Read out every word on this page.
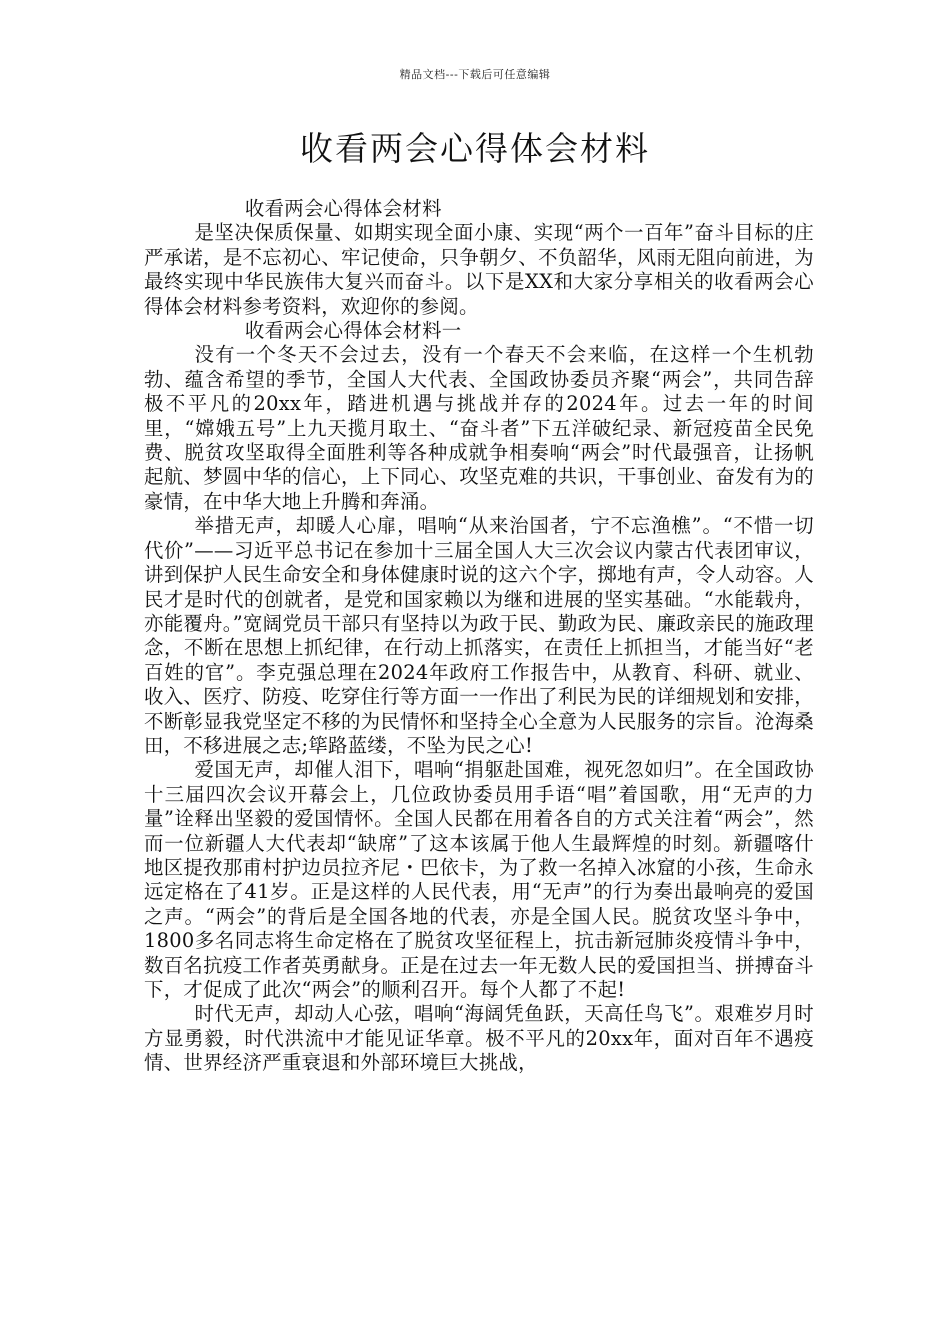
精品文档---下载后可任意编辑
收看两会心得体会材料

收看两会心得体会材料

是坚决保质保量、如期实现全面小康、实现“两个一百年”奋斗目标的庄严承诺，是不忘初心、牢记使命，只争朝夕、不负韶华，风雨无阻向前进，为最终实现中华民族伟大复兴而奋斗。以下是XX和大家分享相关的收看两会心得体会材料参考资料，欢迎你的参阅。

收看两会心得体会材料一

没有一个冬天不会过去，没有一个春天不会来临，在这样一个生机勃勃、蕴含希望的季节，全国人大代表、全国政协委员齐聚“两会”，共同告辞极不平凡的20xx年，踏进机遇与挑战并存的2024年。过去一年的时间里，“嫦娥五号”上九天揽月取土、“奋斗者”下五洋破纪录、新冠疫苗全民免费、脱贫攻坚取得全面胜利等各种成就争相奏响“两会”时代最强音，让扬帆起航、梦圆中华的信心，上下同心、攻坚克难的共识，干事创业、奋发有为的豪情，在中华大地上升腾和奔涌。

举措无声，却暖人心扉，唱响“从来治国者，宁不忘渔樵”。“不惜一切代价”——习近平总书记在参加十三届全国人大三次会议内蒙古代表团审议，讲到保护人民生命安全和身体健康时说的这六个字，掷地有声，令人动容。人民才是时代的创就者，是党和国家赖以为继和进展的坚实基础。“水能载舟，亦能覆舟。”宽阔党员干部只有坚持以为政于民、勤政为民、廉政亲民的施政理念，不断在思想上抓纪律，在行动上抓落实，在责任上抓担当，才能当好“老百姓的官”。李克强总理在2024年政府工作报告中，从教育、科研、就业、收入、医疗、防疫、吃穿住行等方面一一作出了利民为民的详细规划和安排，不断彰显我党坚定不移的为民情怀和坚持全心全意为人民服务的宗旨。沧海桑田，不移进展之志;筚路蓝缕，不坠为民之心!

爱国无声，却催人泪下，唱响“捐躯赴国难，视死忽如归”。在全国政协十三届四次会议开幕会上，几位政协委员用手语“唱”着国歌，用“无声的力量”诠释出坚毅的爱国情怀。全国人民都在用着各自的方式关注着“两会”，然而一位新疆人大代表却“缺席”了这本该属于他人生最辉煌的时刻。新疆喀什地区提孜那甫村护边员拉齐尼・巴依卡，为了救一名掉入冰窟的小孩，生命永远定格在了41岁。正是这样的人民代表，用“无声”的行为奏出最响亮的爱国之声。“两会”的背后是全国各地的代表，亦是全国人民。脱贫攻坚斗争中，1800多名同志将生命定格在了脱贫攻坚征程上，抗击新冠肺炎疫情斗争中，数百名抗疫工作者英勇献身。正是在过去一年无数人民的爱国担当、拼搏奋斗下，才促成了此次“两会”的顺利召开。每个人都了不起!

时代无声，却动人心弦，唱响“海阔凭鱼跃，天高任鸟飞”。艰难岁月时方显勇毅，时代洪流中才能见证华章。极不平凡的20xx年，面对百年不遇疫情、世界经济严重衰退和外部环境巨大挑战，
